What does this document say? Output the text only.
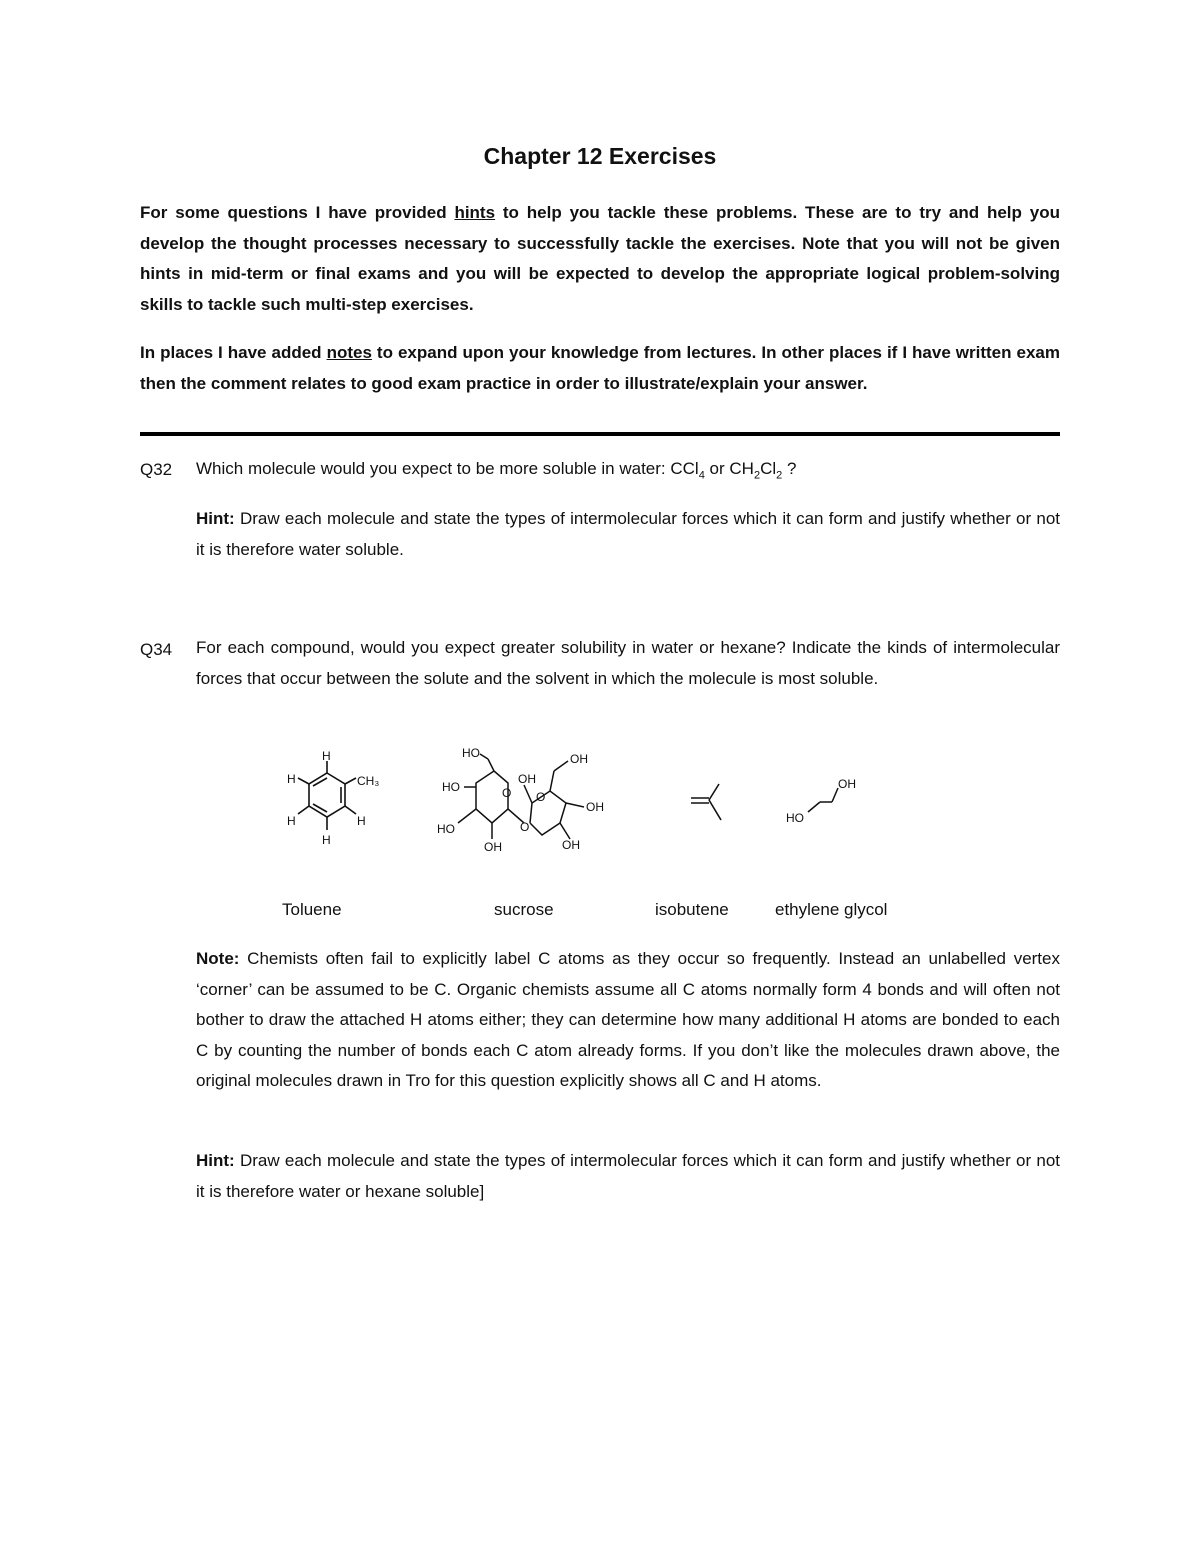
Chapter 12 Exercises

For some questions I have provided hints to help you tackle these problems. These are to try and help you develop the thought processes necessary to successfully tackle the exercises. Note that you will not be given hints in mid-term or final exams and you will be expected to develop the appropriate logical problem-solving skills to tackle such multi-step exercises.

In places I have added notes to expand upon your knowledge from lectures. In other places if I have written exam then the comment relates to good exam practice in order to illustrate/explain your answer.

Q32 Which molecule would you expect to be more soluble in water: CCl$_4$ or $CH_2Cl_2$ ?

Hint: Draw each molecule and state the types of intermolecular forces which it can form and justify whether or not it is therefore water soluble.

Q34 For each compound, would you expect greater solubility in water or hexane? Indicate the kinds of intermolecular forces that occur between the solute and the solvent in which the molecule is most soluble.

H
CH₃
H
H	H
H
HO
HO
HO
OH
O
OH
O
O
OH
OH
OH
HO
OH
Toluene	sucrose	isobutene	ethylene glycol

Note: Chemists often fail to explicitly label C atoms as they occur so frequently. Instead an unlabelled vertex ‘corner’ can be assumed to be C. Organic chemists assume all C atoms normally form 4 bonds and will often not bother to draw the attached H atoms either; they can determine how many additional H atoms are bonded to each C by counting the number of bonds each C atom already forms. If you don’t like the molecules drawn above, the original molecules drawn in Tro for this question explicitly shows all C and H atoms.

Hint: Draw each molecule and state the types of intermolecular forces which it can form and justify whether or not it is therefore water or hexane soluble]
